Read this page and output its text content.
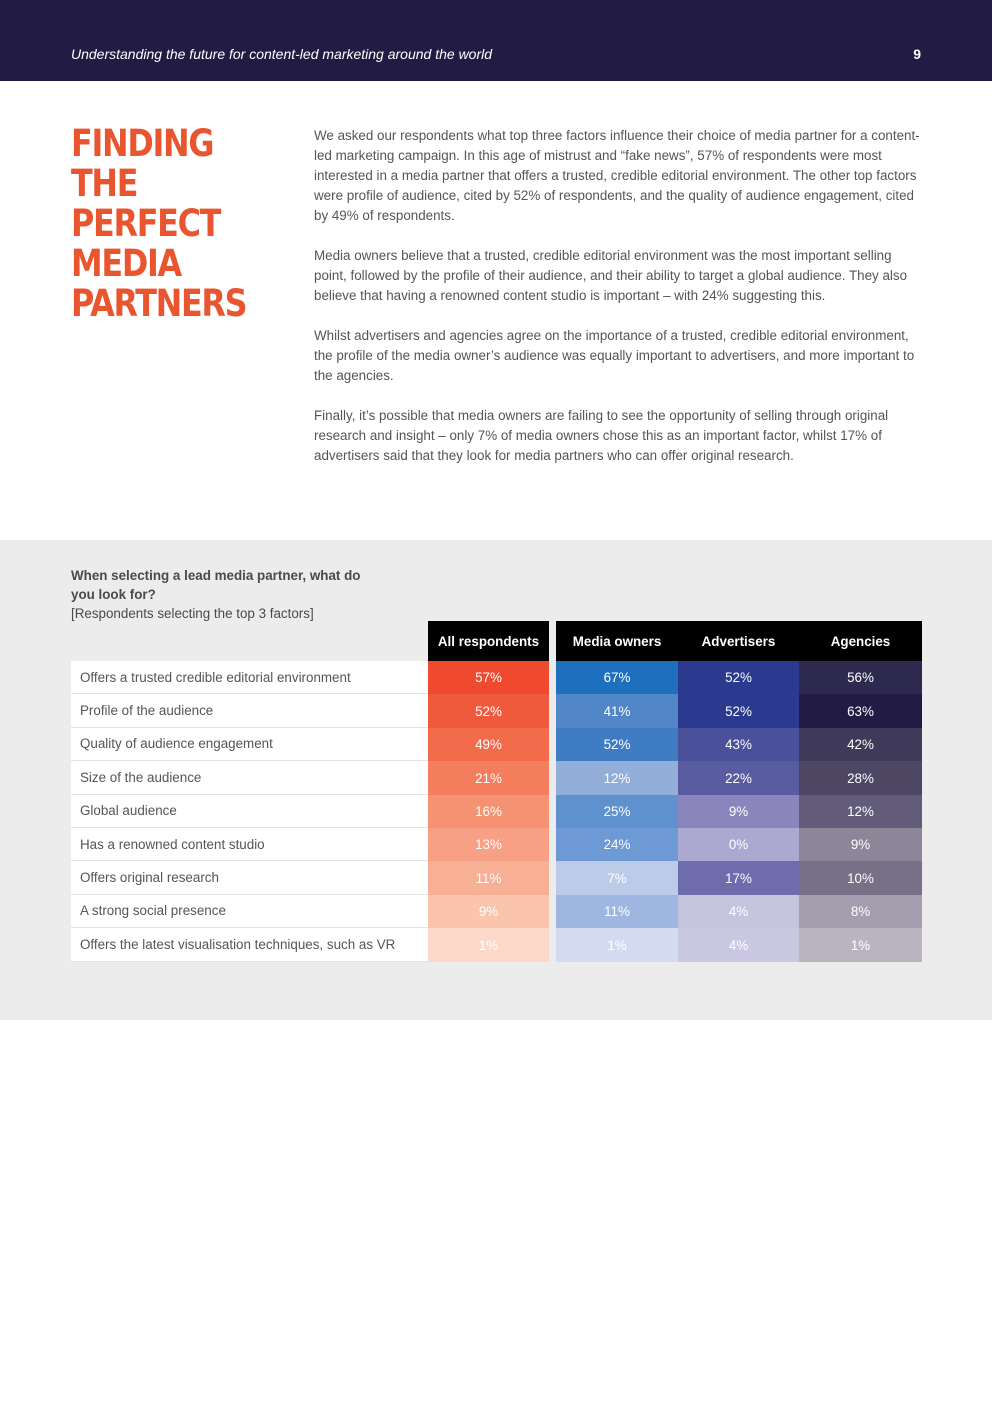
Understanding the future for content-led marketing around the world	9
FINDING THE
PERFECT MEDIA
PARTNERS

We asked our respondents what top three factors influence their choice of media partner for a content-led marketing campaign. In this age of mistrust and “fake news”, 57% of respondents were most interested in a media partner that offers a trusted, credible editorial environment. The other top factors were profile of audience, cited by 52% of respondents, and the quality of audience engagement, cited by 49% of respondents.

Media owners believe that a trusted, credible editorial environment was the most important selling point, followed by the profile of their audience, and their ability to target a global audience. They also believe that having a renowned content studio is important – with 24% suggesting this.

Whilst advertisers and agencies agree on the importance of a trusted, credible editorial environment, the profile of the media owner’s audience was equally important to advertisers, and more important to the agencies.

Finally, it’s possible that media owners are failing to see the opportunity of selling through original research and insight – only 7% of media owners chose this as an important factor, whilst 17% of advertisers said that they look for media partners who can offer original research.

When selecting a lead media partner, what do you look for?
[Respondents selecting the top 3 factors]
All respondents	Media owners	Advertisers	Agencies
Offers a trusted credible editorial environment	57%	67%	52%	56%
Profile of the audience	52%	41%	52%	63%
Quality of audience engagement	49%	52%	43%	42%
Size of the audience	21%	12%	22%	28%
Global audience	16%	25%	9%	12%
Has a renowned content studio	13%	24%	0%	9%
Offers original research	11%	7%	17%	10%
A strong social presence	9%	11%	4%	8%
Offers the latest visualisation techniques, such as VR	1%	1%	4%	1%
